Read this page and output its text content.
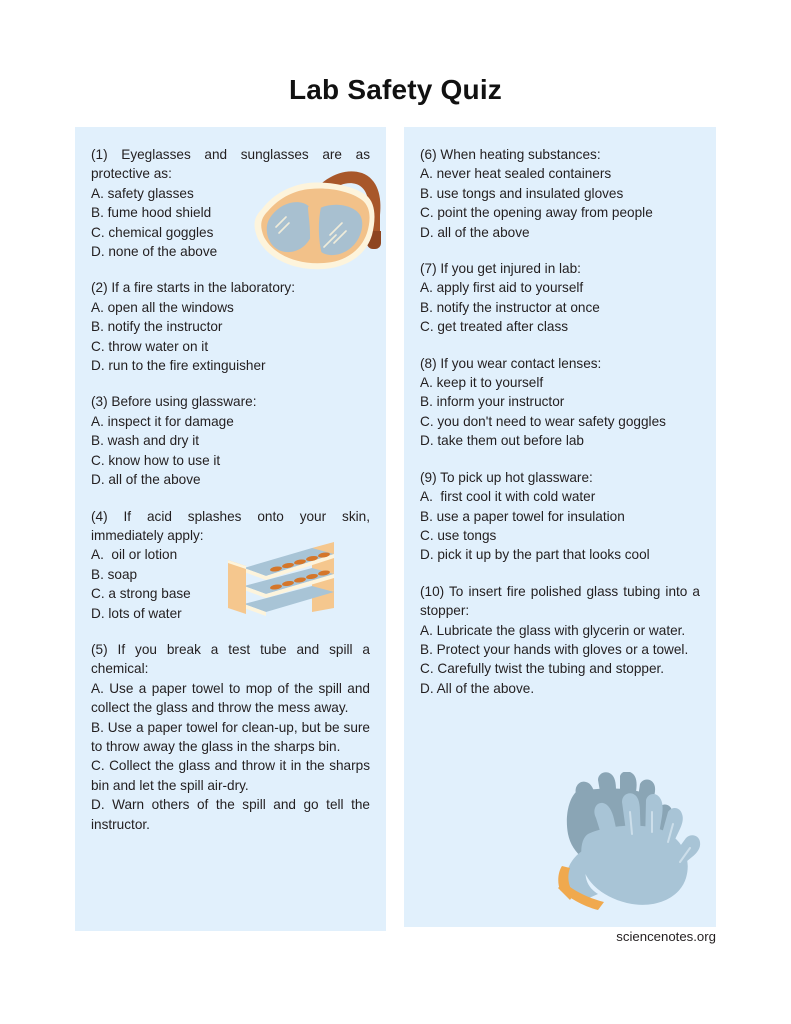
Lab Safety Quiz

(1) Eyeglasses and sunglasses are as protective as:

A. safety glasses

B. fume hood shield

C. chemical goggles

D. none of the above

(2) If a fire starts in the laboratory:

A. open all the windows

B. notify the instructor

C. throw water on it

D. run to the fire extinguisher

(3) Before using glassware:

A. inspect it for damage

B. wash and dry it

C. know how to use it

D. all of the above

(4) If acid splashes onto your skin, immediately apply:

A.  oil or lotion

B. soap

C. a strong base

D. lots of water

(5) If you break a test tube and spill a chemical:

A. Use a paper towel to mop of the spill and collect the glass and throw the mess away.

B. Use a paper towel for clean-up, but be sure to throw away the glass in the sharps bin.

C. Collect the glass and throw it in the sharps bin and let the spill air-dry.

D. Warn others of the spill and go tell the instructor.

(6) When heating substances:

A. never heat sealed containers

B. use tongs and insulated gloves

C. point the opening away from people

D. all of the above

(7) If you get injured in lab:

A. apply first aid to yourself

B. notify the instructor at once

C. get treated after class

(8) If you wear contact lenses:

A. keep it to yourself

B. inform your instructor

C. you don't need to wear safety goggles

D. take them out before lab

(9) To pick up hot glassware:

A.  first cool it with cold water

B. use a paper towel for insulation

C. use tongs

D. pick it up by the part that looks cool

(10) To insert fire polished glass tubing into a stopper:

A. Lubricate the glass with glycerin or water.

B. Protect your hands with gloves or a towel.

C. Carefully twist the tubing and stopper.

D. All of the above.

sciencenotes.org
